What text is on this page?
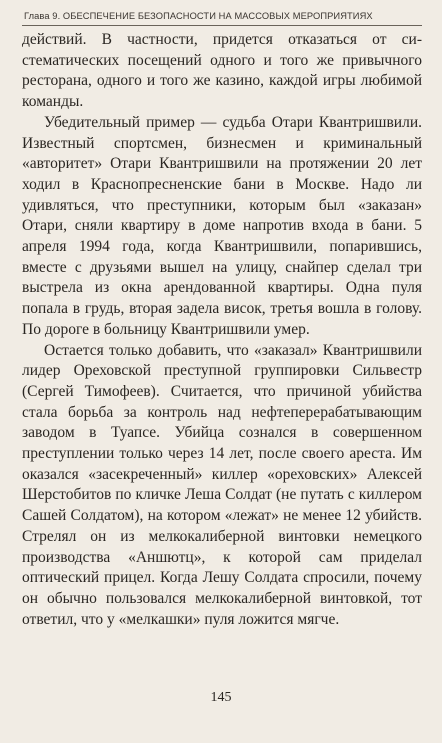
Глава 9. ОБЕСПЕЧЕНИЕ БЕЗОПАСНОСТИ НА МАССОВЫХ МЕРОПРИЯТИЯХ

действий. В частности, придется отказаться от систематических посещений одного и того же привычного ресторана, одного и того же казино, каждой игры любимой команды.

Убедительный пример — судьба Отари Квантришвили. Известный спортсмен, бизнесмен и криминальный «авторитет» Отари Квантришвили на протяжении 20 лет ходил в Краснопресненские бани в Москве. Надо ли удивляться, что преступники, которым был «заказан» Отари, сняли квартиру в доме напротив входа в бани. 5 апреля 1994 года, когда Квантришвили, попарившись, вместе с друзьями вышел на улицу, снайпер сделал три выстрела из окна арендованной квартиры. Одна пуля попала в грудь, вторая задела висок, третья вошла в голову. По дороге в больницу Квантришвили умер.

Остается только добавить, что «заказал» Квантришвили лидер Ореховской преступной группировки Сильвестр (Сергей Тимофеев). Считается, что причиной убийства стала борьба за контроль над нефтеперерабатывающим заводом в Туапсе. Убийца сознался в совершенном преступлении только через 14 лет, после своего ареста. Им оказался «засекреченный» киллер «ореховских» Алексей Шерстобитов по кличке Леша Солдат (не путать с киллером Сашей Солдатом), на котором «лежат» не менее 12 убийств. Стрелял он из мелкокалиберной винтовки немецкого производства «Аншютц», к которой сам приделал оптический прицел. Когда Лешу Солдата спросили, почему он обычно пользовался мелкокалиберной винтовкой, тот ответил, что у «мелкашки» пуля ложится мягче.

145
